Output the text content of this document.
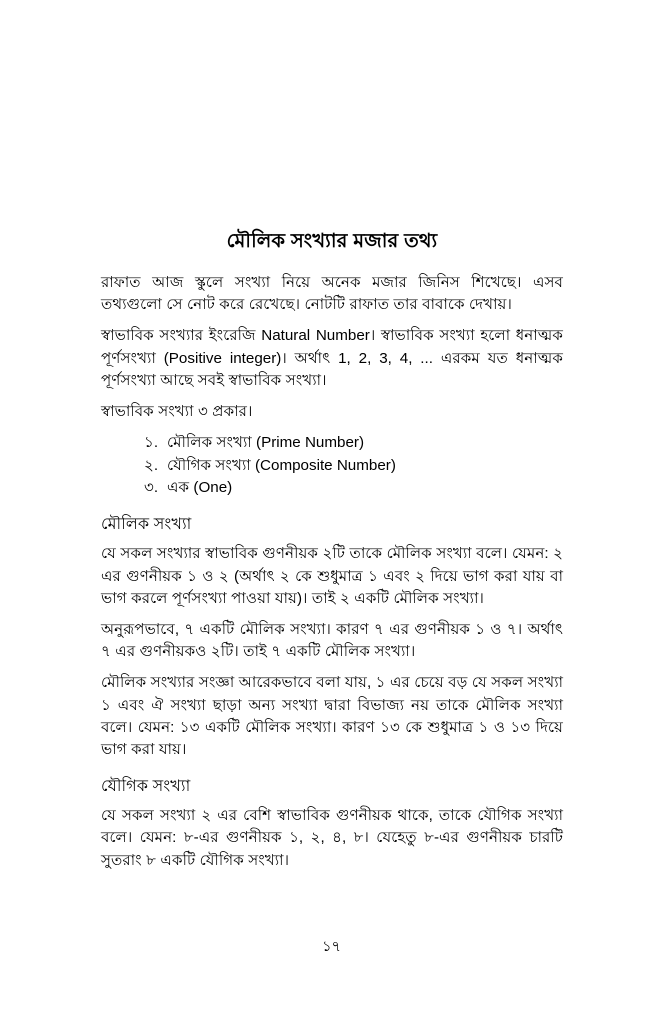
মৌলিক সংখ্যার মজার তথ্য

রাফাত আজ স্কুলে সংখ্যা নিয়ে অনেক মজার জিনিস শিখেছে। এসব তথ্যগুলো সে নোট করে রেখেছে। নোটটি রাফাত তার বাবাকে দেখায়।

স্বাভাবিক সংখ্যার ইংরেজি Natural Number। স্বাভাবিক সংখ্যা হলো ধনাত্মক পূর্ণসংখ্যা (Positive integer)। অর্থাৎ 1, 2, 3, 4, ... এরকম যত ধনাত্মক পূর্ণসংখ্যা আছে সবই স্বাভাবিক সংখ্যা।

স্বাভাবিক সংখ্যা ৩ প্রকার।

১. মৌলিক সংখ্যা (Prime Number)
২. যৌগিক সংখ্যা (Composite Number)
৩. এক (One)
মৌলিক সংখ্যা

যে সকল সংখ্যার স্বাভাবিক গুণনীয়ক ২টি তাকে মৌলিক সংখ্যা বলে। যেমন: ২ এর গুণনীয়ক ১ ও ২ (অর্থাৎ ২ কে শুধুমাত্র ১ এবং ২ দিয়ে ভাগ করা যায় বা ভাগ করলে পূর্ণসংখ্যা পাওয়া যায়)। তাই ২ একটি মৌলিক সংখ্যা।

অনুরূপভাবে, ৭ একটি মৌলিক সংখ্যা। কারণ ৭ এর গুণনীয়ক ১ ও ৭। অর্থাৎ ৭ এর গুণনীয়কও ২টি। তাই ৭ একটি মৌলিক সংখ্যা।

মৌলিক সংখ্যার সংজ্ঞা আরেকভাবে বলা যায়, ১ এর চেয়ে বড় যে সকল সংখ্যা ১ এবং ঐ সংখ্যা ছাড়া অন্য সংখ্যা দ্বারা বিভাজ্য নয় তাকে মৌলিক সংখ্যা বলে। যেমন: ১৩ একটি মৌলিক সংখ্যা। কারণ ১৩ কে শুধুমাত্র ১ ও ১৩ দিয়ে ভাগ করা যায়।

যৌগিক সংখ্যা

যে সকল সংখ্যা ২ এর বেশি স্বাভাবিক গুণনীয়ক থাকে, তাকে যৌগিক সংখ্যা বলে। যেমন: ৮-এর গুণনীয়ক ১, ২, ৪, ৮। যেহেতু ৮-এর গুণনীয়ক চারটি সুতরাং ৮ একটি যৌগিক সংখ্যা।

১৭
